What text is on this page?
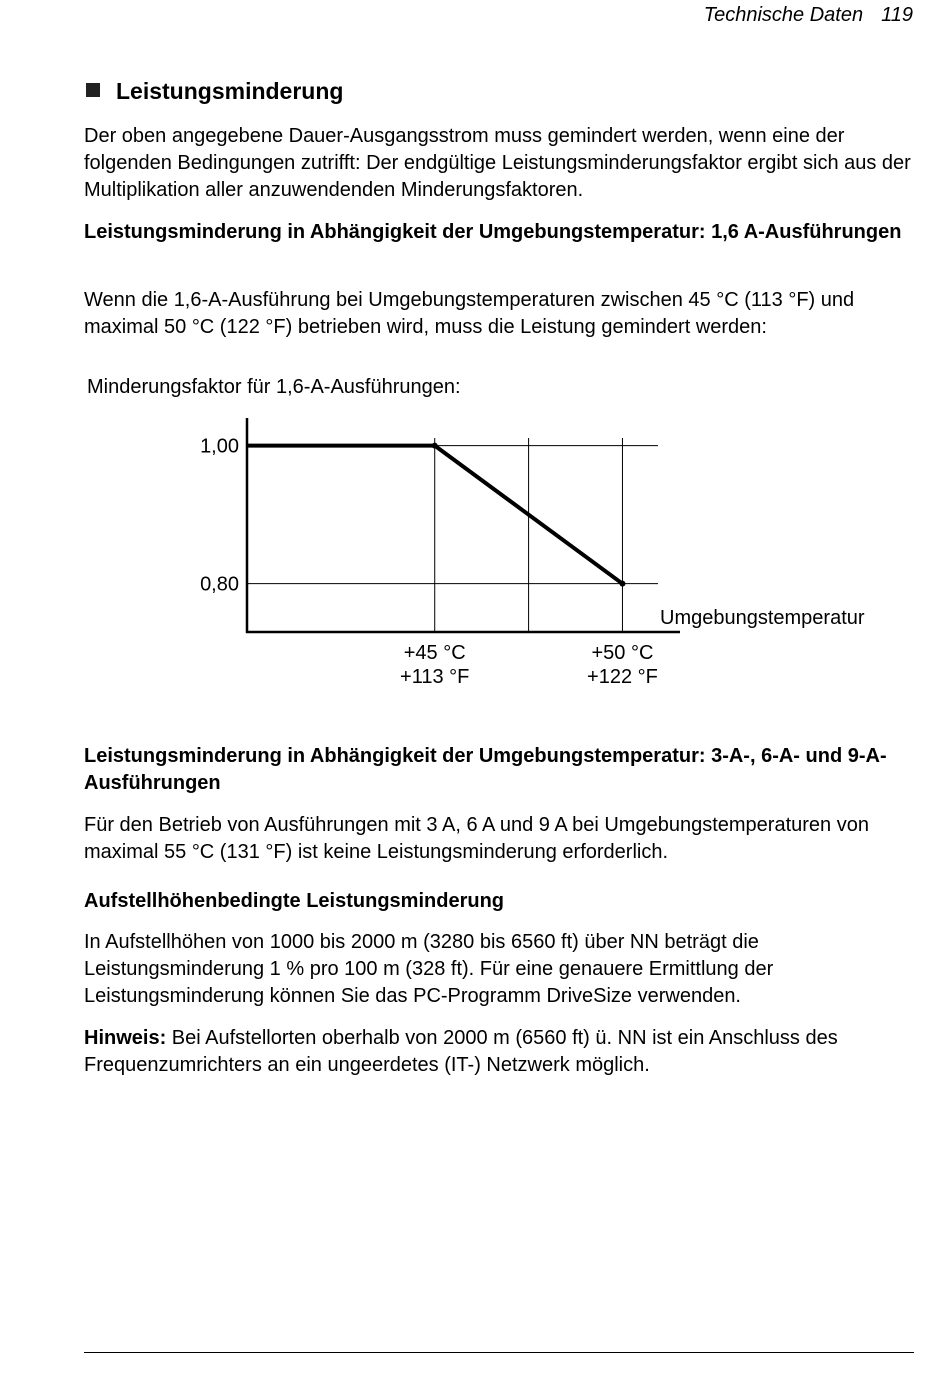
Technische Daten 119
Leistungsminderung

Der oben angegebene Dauer-Ausgangsstrom muss gemindert werden, wenn eine der folgenden Bedingungen zutrifft: Der endgültige Leistungsminderungsfaktor ergibt sich aus der Multiplikation aller anzuwendenden Minderungsfaktoren.

Leistungsminderung in Abhängigkeit der Umgebungstemperatur: 1,6 A-Ausführungen

Wenn die 1,6-A-Ausführung bei Umgebungstemperaturen zwischen 45 °C (113 °F) und maximal 50 °C (122 °F) betrieben wird, muss die Leistung gemindert werden:

Minderungsfaktor für 1,6-A-Ausführungen:
1,00
0,80
+45 °C
+113 °F
+50 °C
+122 °F
Umgebungstemperatur

Leistungsminderung in Abhängigkeit der Umgebungstemperatur: 3-A-, 6-A- und 9-A-Ausführungen

Für den Betrieb von Ausführungen mit 3 A, 6 A und 9 A bei Umgebungstemperaturen von maximal 55 °C (131 °F) ist keine Leistungsminderung erforderlich.

Aufstellhöhenbedingte Leistungsminderung

In Aufstellhöhen von 1000 bis 2000 m (3280 bis 6560 ft) über NN beträgt die Leistungsminderung 1 % pro 100 m (328 ft). Für eine genauere Ermittlung der Leistungsminderung können Sie das PC-Programm DriveSize verwenden.

Hinweis: Bei Aufstellorten oberhalb von 2000 m (6560 ft) ü. NN ist ein Anschluss des Frequenzumrichters an ein ungeerdetes (IT-) Netzwerk möglich.
